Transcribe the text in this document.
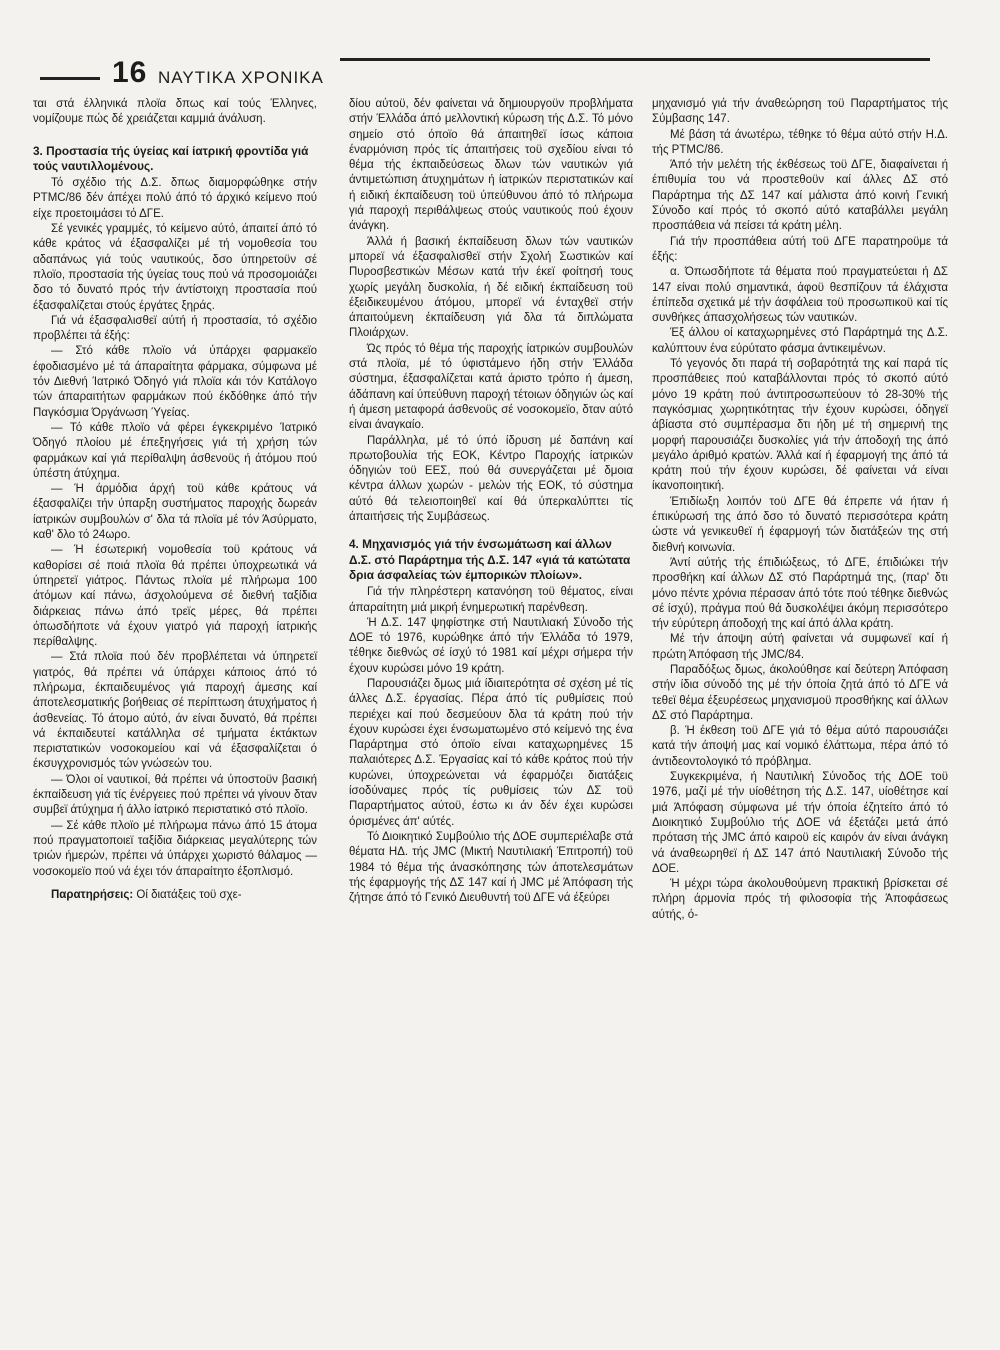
16 ΝΑΥΤΙΚΑ ΧΡΟΝΙΚΑ

ται στά έλληνικά πλοϊα δπως καί τούς Έλληνες, νομίζουμε πώς δέ χρειάζεται καμμιά άνάλυση.

3. Προστασία τής ύγείας καί ίατρική φροντίδα γιά τούς ναυτιλλομένους.

Τό σχέδιο τής Δ.Σ. δπως διαμορφώθηκε στήν PTMC/86 δέν άπέχει πολύ άπό τό άρχικό κείμενο πού είχε προετοιμάσει τό ΔΓΕ.

Σέ γενικές γραμμές, τό κείμενο αύτό, άπαιτεί άπό τό κάθε κράτος νά έξασφαλίζει μέ τή νομοθεσία του αδαπάνως γιά τούς ναυτικούς, δσο ύπηρετοϋν σέ πλοϊο, προστασία τής ύγείας τους πού νά προσομοιάζει δσο τό δυνατό πρός τήν άντίστοιχη προστασία πού έξασφαλίζεται στούς έργάτες ξηράς.

Γιά νά έξασφαλισθεϊ αύτή ή προστασία, τό σχέδιο προβλέπει τά έξής:

— Στό κάθε πλοϊο νά ύπάρχει φαρμακεϊο έφοδιασμένο μέ τά άπαραίτητα φάρμακα, σύμφωνα μέ τόν Διεθνή Ίατρικό Όδηγό γιά πλοϊα κάι τόν Κατάλογο τών άπαραιτήτων φαρμάκων πού έκδόθηκε άπό τήν Παγκόσμια Όργάνωση Ύγείας.

— Τό κάθε πλοϊο νά φέρει έγκεκριμένο Ίατρικό Όδηγό πλοίου μέ έπεξηγήσεις γιά τή χρήση τών φαρμάκων καί γιά περίθαλψη άσθενοϋς ή άτόμου πού ύπέστη άτύχημα.

— Ή άρμόδια άρχή τοϋ κάθε κράτους νά έξασφαλίζει τήν ύπαρξη συστήματος παροχής δωρεάν ίατρικών συμβουλών σ' δλα τά πλοϊα μέ τόν Άσύρματο, καθ' δλο τό 24ωρο.

— Ή έσωτερική νομοθεσία τοϋ κράτους νά καθορίσει σέ ποιά πλοϊα θά πρέπει ύποχρεωτικά νά ύπηρετεϊ γιάτρος. Πάντως πλοϊα μέ πλήρωμα 100 άτόμων καί πάνω, άσχολούμενα σέ διεθνή ταξίδια διάρκειας πάνω άπό τρεϊς μέρες, θά πρέπει όπωσδήποτε νά έχουν γιατρό γιά παροχή ίατρικής περίθαλψης.

— Στά πλοϊα πού δέν προβλέπεται νά ύπηρετεϊ γιατρός, θά πρέπει νά ύπάρχει κάποιος άπό τό πλήρωμα, έκπαιδευμένος γιά παροχή άμεσης καί άποτελεσματικής βοήθειας σέ περίπτωση άτυχήματος ή άσθενείας. Τό άτομο αύτό, άν είναι δυνατό, θά πρέπει νά έκπαιδευτεί κατάλληλα σέ τμήματα έκτάκτων περιστατικών νοσοκομείου καί νά έξασφαλίζεται ό έκσυγχρονισμός τών γνώσεών του.

— Όλοι οί ναυτικοί, θά πρέπει νά ύποστοϋν βασική έκπαίδευση γιά τίς ένέργειες πού πρέπει νά γίνουν δταν συμβεϊ άτύχημα ή άλλο ίατρικό περιστατικό στό πλοϊο.

— Σέ κάθε πλοϊο μέ πλήρωμα πάνω άπό 15 άτομα πού πραγματοποιεϊ ταξίδια διάρκειας μεγαλύτερης τών τριών ήμερών, πρέπει νά ύπάρχει χωριστό θάλαμος — νοσοκομεϊο πού νά έχει τόν άπαραίτητο έξοπλισμό.

Παρατηρήσεις: Οί διατάξεις τοϋ σχε-

δίου αύτοϋ, δέν φαίνεται νά δημιουργοϋν προβλήματα στήν Έλλάδα άπό μελλοντική κύρωση τής Δ.Σ. Τό μόνο σημείο στό όποϊο θά άπαιτηθεϊ ίσως κάποια έναρμόνιση πρός τίς άπαιτήσεις τοϋ σχεδίου είναι τό θέμα τής έκπαιδεύσεως δλων τών ναυτικών γιά άντιμετώπιση άτυχημάτων ή ίατρικών περιστατικών καί ή ειδική έκπαίδευση τοϋ ύπεύθυνου άπό τό πλήρωμα γιά παροχή περιθάλψεως στούς ναυτικούς πού έχουν άνάγκη.

Άλλά ή βασική έκπαίδευση δλων τών ναυτικών μπορεϊ νά έξασφαλισθεϊ στήν Σχολή Σωστικών καί Πυροσβεστικών Μέσων κατά τήν έκεϊ φοίτησή τους χωρίς μεγάλη δυσκολία, ή δέ ειδική έκπαίδευση τοϋ έξειδικευμένου άτόμου, μπορεϊ νά ένταχθεϊ στήν άπαιτούμενη έκπαίδευση γιά δλα τά διπλώματα Πλοιάρχων.

Ώς πρός τό θέμα τής παροχής ίατρικών συμβουλών στά πλοϊα, μέ τό ύφιστάμενο ήδη στήν Έλλάδα σύστημα, έξασφαλίζεται κατά άριστο τρόπο ή άμεση, άδάπανη καί ύπεύθυνη παροχή τέτοιων όδηγιών ώς καί ή άμεση μεταφορά άσθενοϋς σέ νοσοκομεϊο, δταν αύτό είναι άναγκαίο.

Παράλληλα, μέ τό ύπό ίδρυση μέ δαπάνη καί πρωτοβουλία τής ΕΟΚ, Κέντρο Παροχής ίατρικών όδηγιών τοϋ ΕΕΣ, πού θά συνεργάζεται μέ δμοια κέντρα άλλων χωρών - μελών τής ΕΟΚ, τό σύστημα αύτό θά τελειοποιηθεϊ καί θά ύπερκαλύπτει τίς άπαιτήσεις τής Συμβάσεως.

4. Μηχανισμός γιά τήν ένσωμάτωση καί άλλων Δ.Σ. στό Παράρτημα τής Δ.Σ. 147 «γιά τά κατώτατα δρια άσφαλείας τών έμπορικών πλοίων».

Γιά τήν πληρέστερη κατανόηση τοϋ θέματος, είναι άπαραίτητη μιά μικρή ένημερωτική παρένθεση.

Ή Δ.Σ. 147 ψηφίστηκε στή Ναυτιλιακή Σύνοδο τής ΔΟΕ τό 1976, κυρώθηκε άπό τήν Έλλάδα τό 1979, τέθηκε διεθνώς σέ ίσχύ τό 1981 καί μέχρι σήμερα τήν έχουν κυρώσει μόνο 19 κράτη.

Παρουσιάζει δμως μιά ίδιαιτερότητα σέ σχέση μέ τίς άλλες Δ.Σ. έργασίας. Πέρα άπό τίς ρυθμίσεις πού περιέχει καί πού δεσμεύουν δλα τά κράτη πού τήν έχουν κυρώσει έχει ένσωματωμένο στό κείμενό της ένα Παράρτημα στό όποϊο είναι καταχωρημένες 15 παλαιότερες Δ.Σ. Έργασίας καί τό κάθε κράτος πού τήν κυρώνει, ύποχρεώνεται νά έφαρμόζει διατάξεις ίσοδύναμες πρός τίς ρυθμίσεις τών ΔΣ τοϋ Παραρτήματος αύτοϋ, έστω κι άν δέν έχει κυρώσει όρισμένες άπ' αύτές.

Τό Διοικητικό Συμβούλιο τής ΔΟΕ συμπεριέλαβε στά θέματα ΗΔ. τής JMC (Μικτή Ναυτιλιακή Έπιτροπή) τοϋ 1984 τό θέμα τής άνασκόπησης τών άποτελεσμάτων τής έφαρμογής τής ΔΣ 147 καί ή JMC μέ Άπόφαση τής ζήτησε άπό τό Γενικό Διευθυντή τοϋ ΔΓΕ νά έξεύρει

μηχανισμό γιά τήν άναθεώρηση τοϋ Παραρτήματος τής Σύμβασης 147.

Μέ βάση τά άνωτέρω, τέθηκε τό θέμα αύτό στήν Η.Δ. τής PTMC/86.

Άπό τήν μελέτη τής έκθέσεως τοϋ ΔΓΕ, διαφαίνεται ή έπιθυμία του νά προστεθοϋν καί άλλες ΔΣ στό Παράρτημα τής ΔΣ 147 καί μάλιστα άπό κοινή Γενική Σύνοδο καί πρός τό σκοπό αύτό καταβάλλει μεγάλη προσπάθεια νά πείσει τά κράτη μέλη.

Γιά τήν προσπάθεια αύτή τοϋ ΔΓΕ παρατηροϋμε τά έξής:

α. Όπωσδήποτε τά θέματα πού πραγματεύεται ή ΔΣ 147 είναι πολύ σημαντικά, άφοϋ θεσπίζουν τά έλάχιστα έπίπεδα σχετικά μέ τήν άσφάλεια τοϋ προσωπικοϋ καί τίς συνθήκες άπασχολήσεως τών ναυτικών.

Έξ άλλου οί καταχωρημένες στό Παράρτημά της Δ.Σ. καλύπτουν ένα εύρύτατο φάσμα άντικειμένων.

Τό γεγονός δτι παρά τή σοβαρότητά της καί παρά τίς προσπάθειες πού καταβάλλονται πρός τό σκοπό αύτό μόνο 19 κράτη πού άντιπροσωπεύουν τό 28-30% τής παγκόσμιας χωρητικότητας τήν έχουν κυρώσει, όδηγεϊ άβίαστα στό συμπέρασμα δτι ήδη μέ τή σημερινή της μορφή παρουσιάζει δυσκολίες γιά τήν άποδοχή της άπό μεγάλο άριθμό κρατών. Άλλά καί ή έφαρμογή της άπό τά κράτη πού τήν έχουν κυρώσει, δέ φαίνεται νά είναι ίκανοποιητική.

Έπιδίωξη λοιπόν τοϋ ΔΓΕ θά έπρεπε νά ήταν ή έπικύρωσή της άπό δσο τό δυνατό περισσότερα κράτη ώστε νά γενικευθεϊ ή έφαρμογή τών διατάξεών της στή διεθνή κοινωνία.

Άντί αύτής τής έπιδιώξεως, τό ΔΓΕ, έπιδιώκει τήν προσθήκη καί άλλων ΔΣ στό Παράρτημά της, (παρ' δτι μόνο πέντε χρόνια πέρασαν άπό τότε πού τέθηκε διεθνώς σέ ίσχύ), πράγμα πού θά δυσκολέψει άκόμη περισσότερο τήν εύρύτερη άποδοχή της καί άπό άλλα κράτη.

Μέ τήν άποψη αύτή φαίνεται νά συμφωνεϊ καί ή πρώτη Άπόφαση τής JMC/84.

Παραδόξως δμως, άκολούθησε καί δεύτερη Άπόφαση στήν ίδια σύνοδό της μέ τήν όποία ζητά άπό τό ΔΓΕ νά τεθεϊ θέμα έξευρέσεως μηχανισμοϋ προσθήκης καί άλλων ΔΣ στό Παράρτημα.

β. Ή έκθεση τοϋ ΔΓΕ γιά τό θέμα αύτό παρουσιάζει κατά τήν άποψή μας καί νομικό έλάττωμα, πέρα άπό τό άντιδεοντολογικό τό πρόβλημα.

Συγκεκριμένα, ή Ναυτιλική Σύνοδος τής ΔΟΕ τοϋ 1976, μαζί μέ τήν υίοθέτηση τής Δ.Σ. 147, υίοθέτησε καί μιά Άπόφαση σύμφωνα μέ τήν όποία έζητείτο άπό τό Διοικητικό Συμβούλιο τής ΔΟΕ νά έξετάζει μετά άπό πρόταση τής JMC άπό καιροϋ είς καιρόν άν είναι άνάγκη νά άναθεωρηθεϊ ή ΔΣ 147 άπό Ναυτιλιακή Σύνοδο τής ΔΟΕ.

Ή μέχρι τώρα άκολουθούμενη πρακτική βρίσκεται σέ πλήρη άρμονία πρός τή φιλοσοφία τής Άποφάσεως αύτής, ό-
